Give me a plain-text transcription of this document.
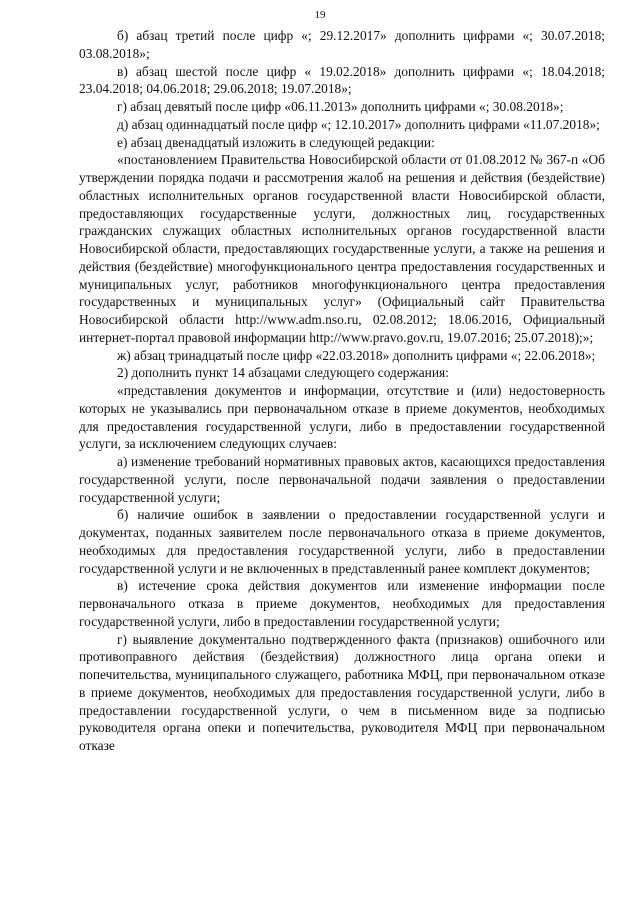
19

б) абзац третий после цифр «; 29.12.2017» дополнить цифрами «; 30.07.2018; 03.08.2018»;

в) абзац шестой после цифр « 19.02.2018» дополнить цифрами «; 18.04.2018; 23.04.2018; 04.06.2018; 29.06.2018; 19.07.2018»;

г) абзац девятый после цифр «06.11.2013» дополнить цифрами «; 30.08.2018»;

д) абзац одиннадцатый после цифр «; 12.10.2017» дополнить цифрами «11.07.2018»;

е) абзац двенадцатый изложить в следующей редакции:

«постановлением Правительства Новосибирской области от 01.08.2012 № 367-п «Об утверждении порядка подачи и рассмотрения жалоб на решения и действия (бездействие) областных исполнительных органов государственной власти Новосибирской области, предоставляющих государственные услуги, должностных лиц, государственных гражданских служащих областных исполнительных органов государственной власти Новосибирской области, предоставляющих государственные услуги, а также на решения и действия (бездействие) многофункционального центра предоставления государственных и муниципальных услуг, работников многофункционального центра предоставления государственных и муниципальных услуг» (Официальный сайт Правительства Новосибирской области http://www.adm.nso.ru, 02.08.2012; 18.06.2016, Официальный интернет-портал правовой информации http://www.pravo.gov.ru, 19.07.2016; 25.07.2018);»;

ж) абзац тринадцатый после цифр «22.03.2018» дополнить цифрами «; 22.06.2018»;

2) дополнить пункт 14 абзацами следующего содержания:

«представления документов и информации, отсутствие и (или) недостоверность которых не указывались при первоначальном отказе в приеме документов, необходимых для предоставления государственной услуги, либо в предоставлении государственной услуги, за исключением следующих случаев:

а) изменение требований нормативных правовых актов, касающихся предоставления государственной услуги, после первоначальной подачи заявления о предоставлении государственной услуги;

б) наличие ошибок в заявлении о предоставлении государственной услуги и документах, поданных заявителем после первоначального отказа в приеме документов, необходимых для предоставления государственной услуги, либо в предоставлении государственной услуги и не включенных в представленный ранее комплект документов;

в) истечение срока действия документов или изменение информации после первоначального отказа в приеме документов, необходимых для предоставления государственной услуги, либо в предоставлении государственной услуги;

г) выявление документально подтвержденного факта (признаков) ошибочного или противоправного действия (бездействия) должностного лица органа опеки и попечительства, муниципального служащего, работника МФЦ, при первоначальном отказе в приеме документов, необходимых для предоставления государственной услуги, либо в предоставлении государственной услуги, о чем в письменном виде за подписью руководителя органа опеки и попечительства, руководителя МФЦ при первоначальном отказе
